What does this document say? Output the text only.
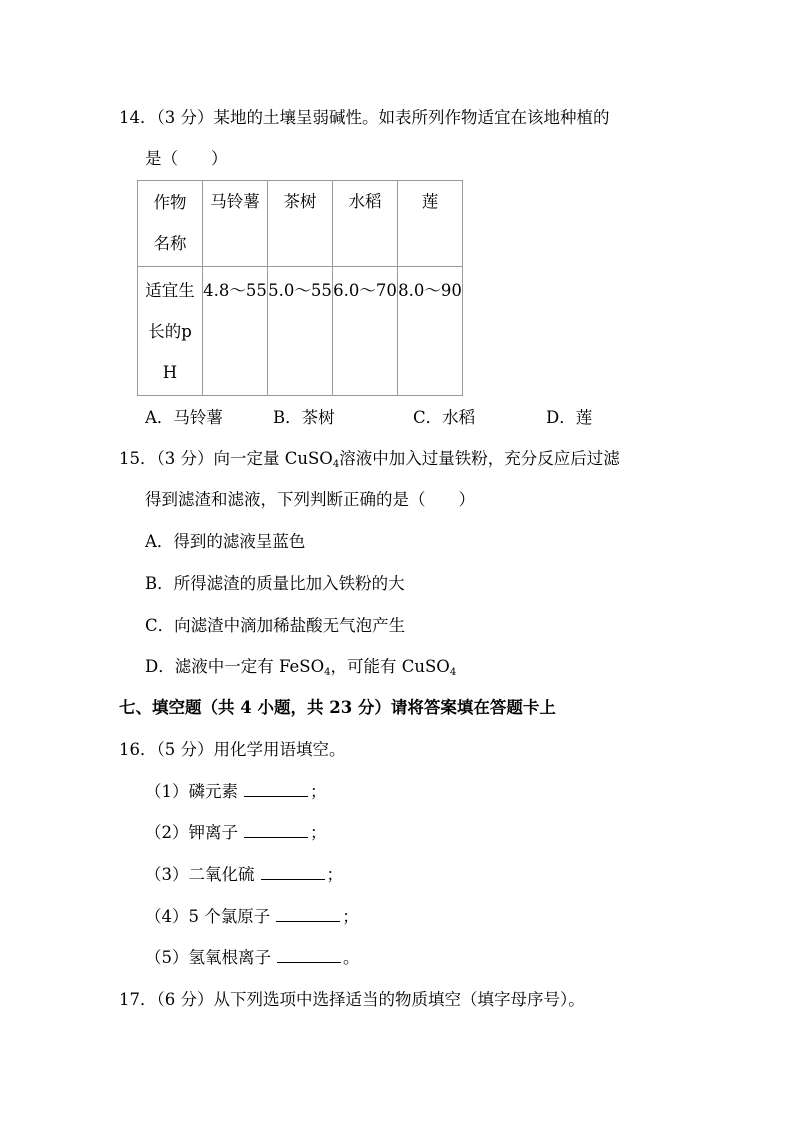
14．（3 分）某地的土壤呈弱碱性。如表所列作物适宜在该地种植的
是（　　）
作物名称	马铃薯	茶树	水稻	莲

适宜生长的pH	4.8～55	5.0～55	6.0～70	8.0～90
A．马铃薯	B．茶树	C．水稻	D．莲
15．（3 分）向一定量 CuSO$_4$溶液中加入过量铁粉，充分反应后过滤
得到滤渣和滤液，下列判断正确的是（　　）
A．得到的滤液呈蓝色
B．所得滤渣的质量比加入铁粉的大
C．向滤渣中滴加稀盐酸无气泡产生
D．滤液中一定有 FeSO$_4$，可能有 CuSO$_4$
七、填空题（共 4 小题，共 23 分）请将答案填在答题卡上
16．（5 分）用化学用语填空。
（1）磷元素	；
（2）钾离子	；
（3）二氧化硫	；
（4）5 个氯原子	；
（5）氢氧根离子	。
17．（6 分）从下列选项中选择适当的物质填空（填字母序号）。
